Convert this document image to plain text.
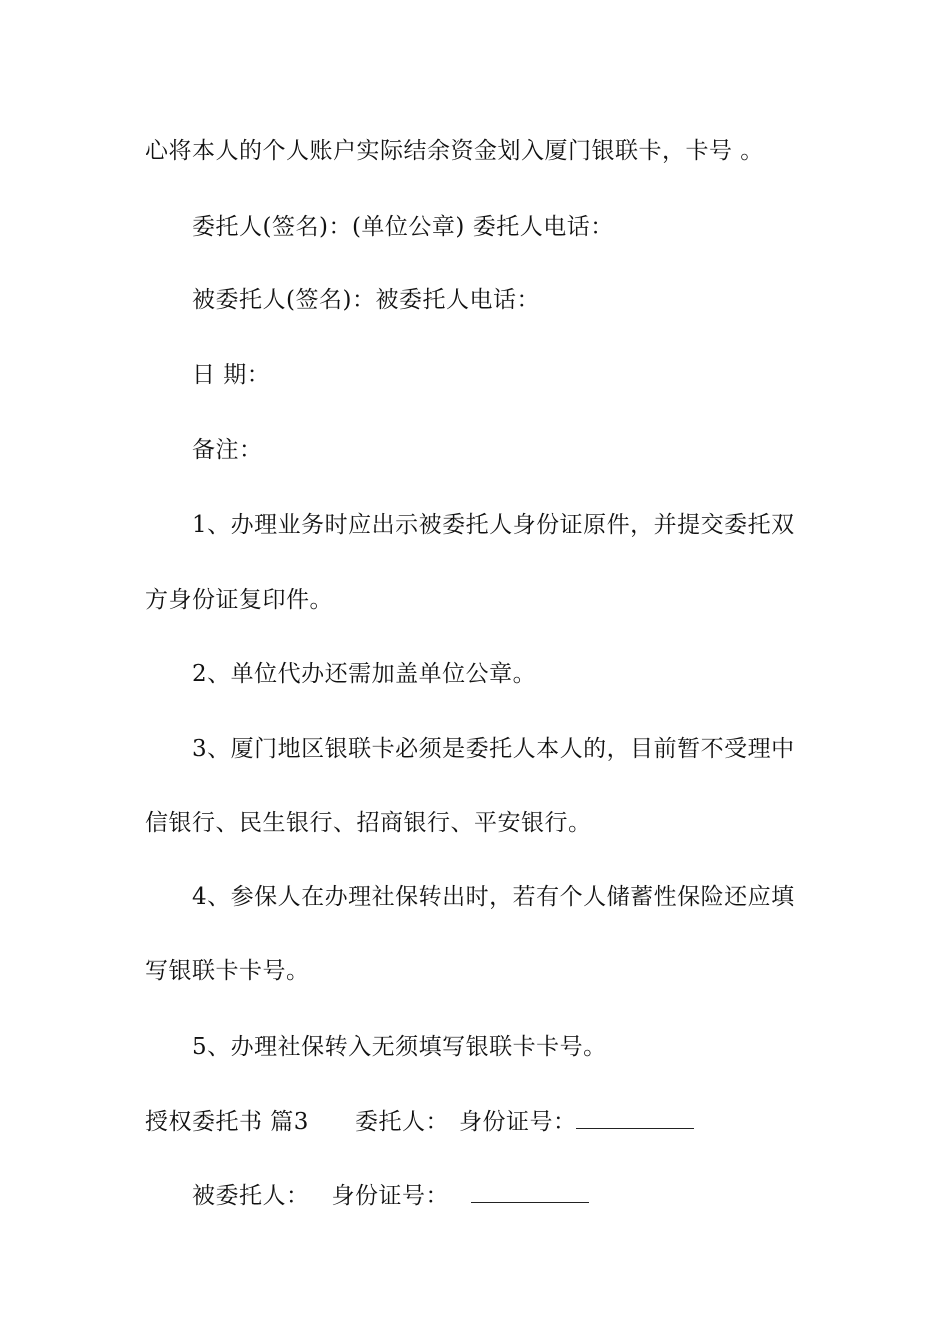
心将本人的个人账户实际结余资金划入厦门银联卡，卡号 。
委托人(签名)：(单位公章) 委托人电话：
被委托人(签名)：被委托人电话：
日 期：
备注：
1、办理业务时应出示被委托人身份证原件，并提交委托双
方身份证复印件。
2、单位代办还需加盖单位公章。
3、厦门地区银联卡必须是委托人本人的，目前暂不受理中
信银行、民生银行、招商银行、平安银行。
4、参保人在办理社保转出时，若有个人储蓄性保险还应填
写银联卡卡号。
5、办理社保转入无须填写银联卡卡号。
授权委托书 篇3 委托人： 身份证号：
被委托人： 身份证号：
